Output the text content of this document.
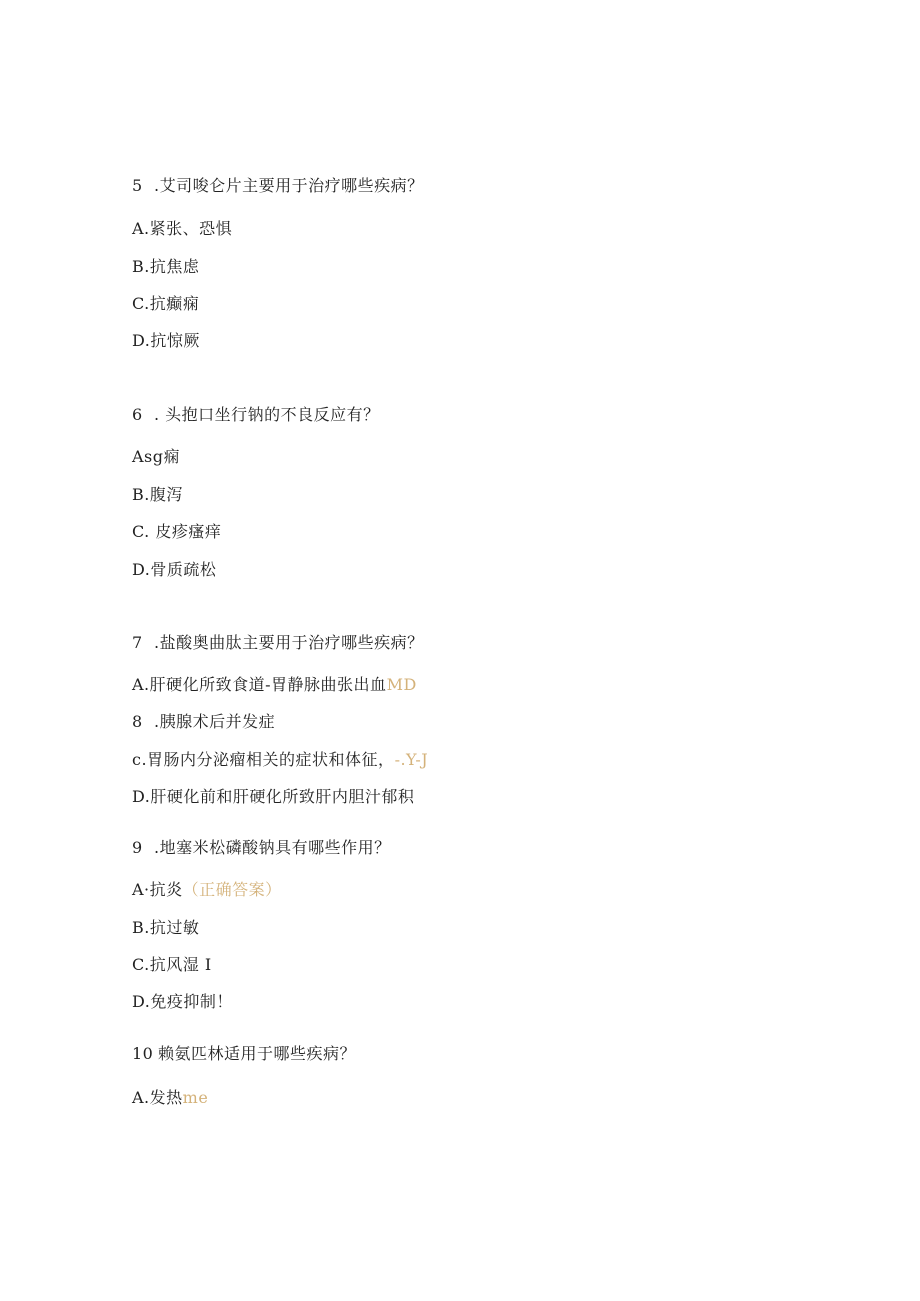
5 .艾司唆仑片主要用于治疗哪些疾病？
A.紧张、恐惧
B.抗焦虑
C.抗癫痫
D.抗惊厥
6 . 头抱口坐行钠的不良反应有？
Asg痫
B.腹泻
C. 皮疹瘙痒
D.骨质疏松
7 .盐酸奥曲肽主要用于治疗哪些疾病？
A.肝硬化所致食道-胃静脉曲张出血MD
8 .胰腺术后并发症
c.胃肠内分泌瘤相关的症状和体征，-.Y-J
D.肝硬化前和肝硬化所致肝内胆汁郁积
9 .地塞米松磷酸钠具有哪些作用？
A·抗炎（正确答案）
B.抗过敏
C.抗风湿 I
D.免疫抑制！
10 赖氨匹林适用于哪些疾病？
A.发热me
